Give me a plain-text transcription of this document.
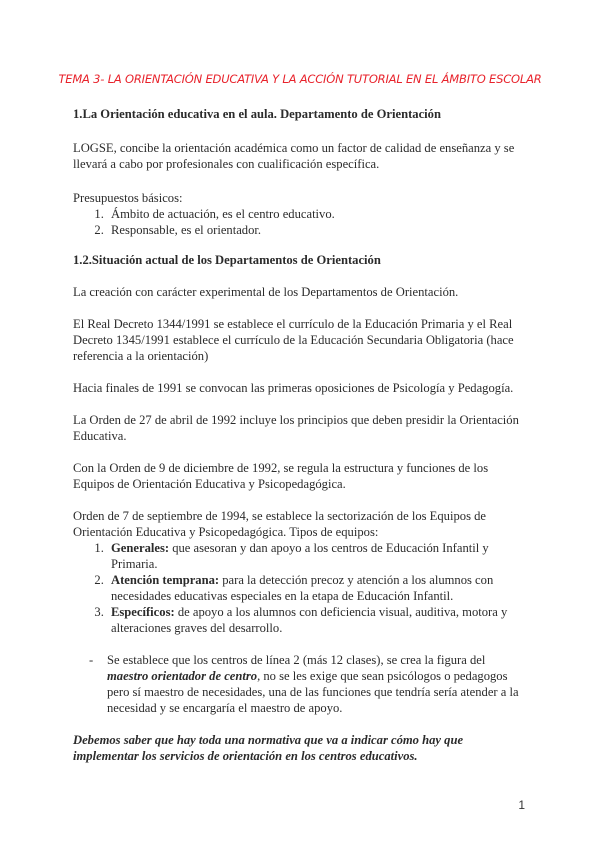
TEMA 3- LA ORIENTACIÓN EDUCATIVA Y LA ACCIÓN TUTORIAL EN EL ÁMBITO ESCOLAR
1.La Orientación educativa en el aula. Departamento de Orientación

LOGSE, concibe la orientación académica como un factor de calidad de enseñanza y se llevará a cabo por profesionales con cualificación específica.

Presupuestos básicos:

1. Ámbito de actuación, es el centro educativo.
2. Responsable, es el orientador.
1.2.Situación actual de los Departamentos de Orientación

La creación con carácter experimental de los Departamentos de Orientación.

El Real Decreto 1344/1991 se establece el currículo de la Educación Primaria y el Real Decreto 1345/1991 establece el currículo de la Educación Secundaria Obligatoria (hace referencia a la orientación)

Hacia finales de 1991 se convocan las primeras oposiciones de Psicología y Pedagogía.

La Orden de 27 de abril de 1992 incluye los principios que deben presidir la Orientación Educativa.

Con la Orden de 9 de diciembre de 1992, se regula la estructura y funciones de los Equipos de Orientación Educativa y Psicopedagógica.

Orden de 7 de septiembre de 1994, se establece la sectorización de los Equipos de Orientación Educativa y Psicopedagógica. Tipos de equipos:

1. Generales: que asesoran y dan apoyo a los centros de Educación Infantil y Primaria.
2. Atención temprana: para la detección precoz y atención a los alumnos con necesidades educativas especiales en la etapa de Educación Infantil.
3. Específicos: de apoyo a los alumnos con deficiencia visual, auditiva, motora y alteraciones graves del desarrollo.
- Se establece que los centros de línea 2 (más 12 clases), se crea la figura del maestro orientador de centro, no se les exige que sean psicólogos o pedagogos pero sí maestro de necesidades, una de las funciones que tendría sería atender a la necesidad y se encargaría el maestro de apoyo.

Debemos saber que hay toda una normativa que va a indicar cómo hay que implementar los servicios de orientación en los centros educativos.

1
